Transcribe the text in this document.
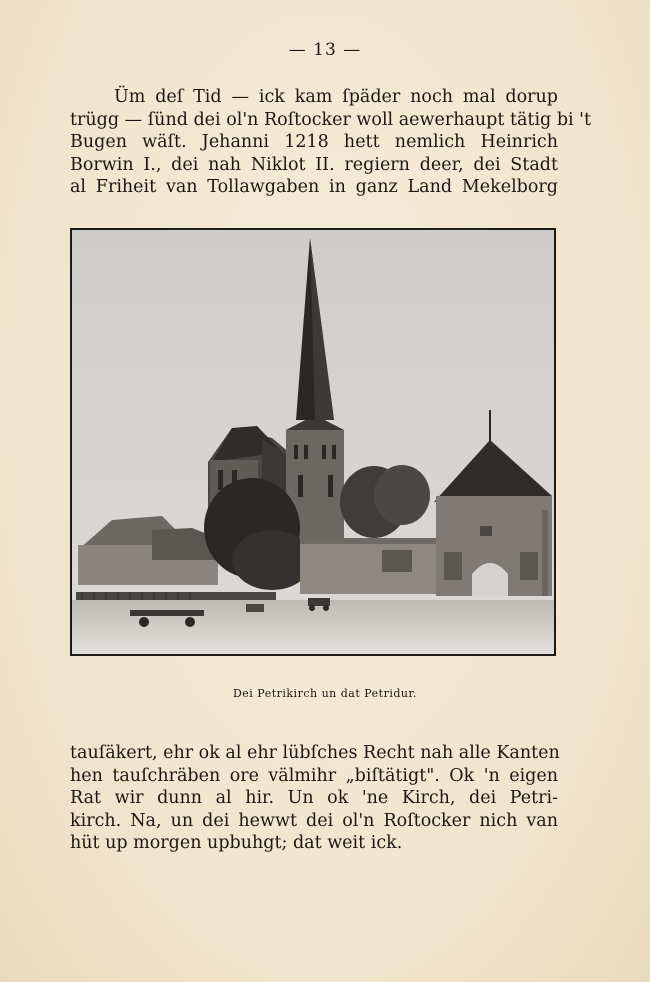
— 13 —
Üm deſ Tid — ick kam ſpäder noch mal dorup
trügg — ſünd dei ol'n Roſtocker woll aewerhaupt tätig bi 't
Bugen wäſt. Jehanni 1218 hett nemlich Heinrich
Borwin I., dei nah Niklot II. regiern deer, dei Stadt
al Friheit van Tollawgaben in ganz Land Mekelborg
Dei Petrikirch un dat Petridur.
tauſäkert, ehr ok al ehr lübſches Recht nah alle Kanten
hen tauſchräben ore välmihr „biſtätigt". Ok 'n eigen
Rat wir dunn al hir. Un ok 'ne Kirch, dei Petri-
kirch. Na, un dei hewwt dei ol'n Roſtocker nich van
hüt up morgen upbuhgt; dat weit ick.
